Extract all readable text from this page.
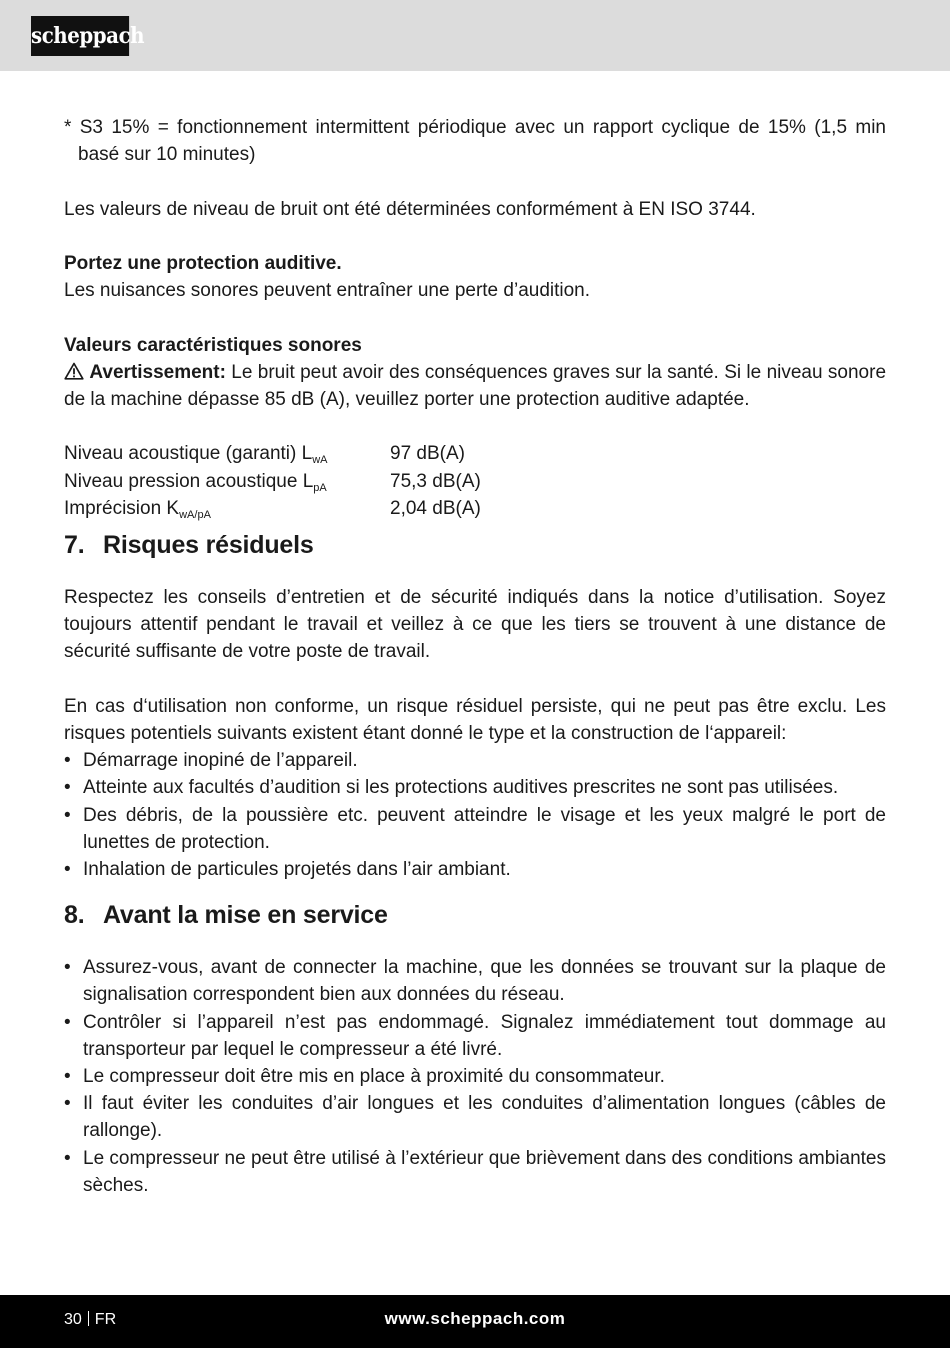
scheppach

* S3 15% = fonctionnement intermittent périodique avec un rapport cyclique de 15% (1,5 min basé sur 10 minutes)

Les valeurs de niveau de bruit ont été déterminées conformément à EN ISO 3744.

Portez une protection auditive.

Les nuisances sonores peuvent entraîner une perte d’audition.

Valeurs caractéristiques sonores

Avertissement: Le bruit peut avoir des conséquences graves sur la santé. Si le niveau sonore de la machine dépasse 85 dB (A), veuillez porter une protection auditive adaptée.

Niveau acoustique (garanti) $L_{wA}$	97 dB(A)
Niveau pression acoustique $L_{pA}$	75,3 dB(A)
Imprécision $K_{wA/pA}$	2,04 dB(A)
7. Risques résiduels

Respectez les conseils d’entretien et de sécurité indiqués dans la notice d’utilisation. Soyez toujours attentif pendant le travail et veillez à ce que les tiers se trouvent à une distance de sécurité suffisante de votre poste de travail.

En cas d‘utilisation non conforme, un risque résiduel persiste, qui ne peut pas être exclu. Les risques potentiels suivants existent étant donné le type et la construction de l‘appareil:

• Démarrage inopiné de l’appareil.
• Atteinte aux facultés d’audition si les protections auditives prescrites ne sont pas utilisées.
• Des débris, de la poussière etc. peuvent atteindre le visage et les yeux malgré le port de lunettes de protection.
• Inhalation de particules projetés dans l’air ambiant.
8. Avant la mise en service
• Assurez-vous, avant de connecter la machine, que les données se trouvant sur la plaque de signalisation correspondent bien aux données du réseau.
• Contrôler si l’appareil n’est pas endommagé. Signalez immédiatement tout dommage au transporteur par lequel le compresseur a été livré.
• Le compresseur doit être mis en place à proximité du consommateur.
• Il faut éviter les conduites d’air longues et les conduites d’alimentation longues (câbles de rallonge).
• Le compresseur ne peut être utilisé à l’extérieur que brièvement dans des conditions ambiantes sèches.
30 FR	www.scheppach.com
